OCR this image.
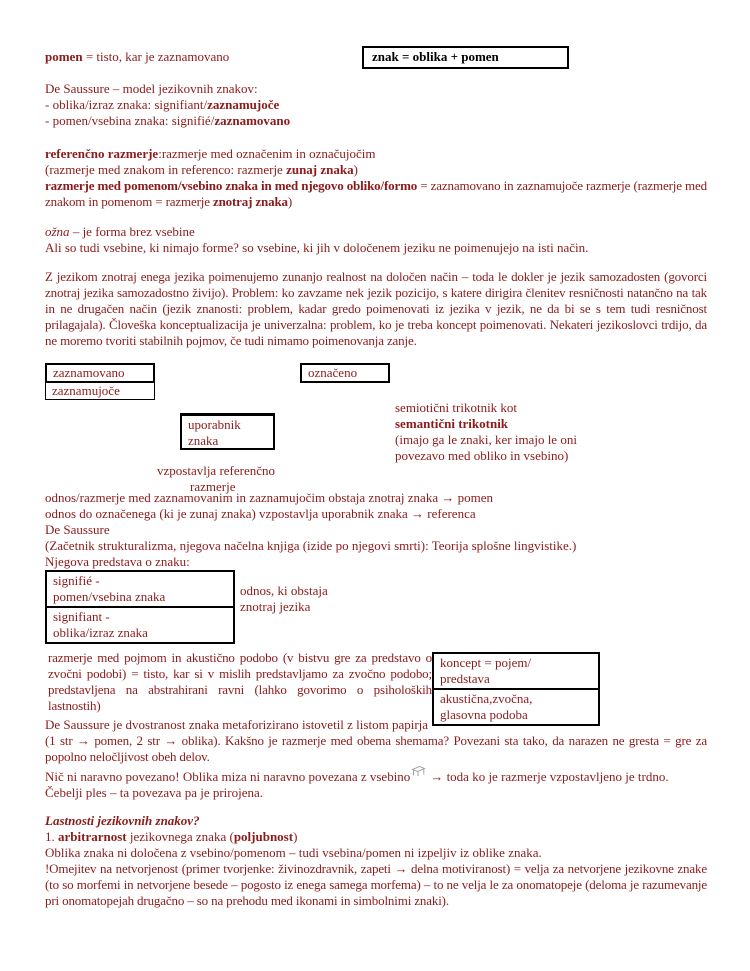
pomen = tisto, kar je zaznamovano	znak = oblika + pomen
De Saussure – model jezikovnih znakov:
- oblika/izraz znaka: signifiant/zaznamujoče
- pomen/vsebina znaka: signifié/zaznamovano
referenčno razmerje:razmerje med označenim in označujočim
(razmerje med znakom in referenco: razmerje zunaj znaka)
razmerje med pomenom/vsebino znaka in med njegovo obliko/formo = zaznamovano in zaznamujoče razmerje (razmerje med znakom in pomenom = razmerje znotraj znaka)
ožna – je forma brez vsebine
Ali so tudi vsebine, ki nimajo forme? so vsebine, ki jih v določenem jeziku ne poimenujejo na isti način.
Z jezikom znotraj enega jezika poimenujemo zunanjo realnost na določen način – toda le dokler je jezik samozadosten (govorci znotraj jezika samozadostno živijo). Problem: ko zavzame nek jezik pozicijo, s katere dirigira členitev resničnosti natančno na tak in ne drugačen način (jezik znanosti: problem, kadar gredo poimenovati iz jezika v jezik, ne da bi se s tem tudi resničnost prilagajala). Človeška konceptualizacija je univerzalna: problem, ko je treba koncept poimenovati. Nekateri jezikoslovci trdijo, da ne moremo tvoriti stabilnih pojmov, če tudi nimamo poimenovanja zanje.
zaznamovano
zaznamujoče
označeno
uporabnik
znaka
semiotični trikotnik kot
semantični trikotnik
(imajo ga le znaki, ker imajo le oni
povezavo med obliko in vsebino)
vzpostavlja referenčno
razmerje
odnos/razmerje med zaznamovanim in zaznamujočim obstaja znotraj znaka → pomen
odnos do označenega (ki je zunaj znaka) vzpostavlja uporabnik znaka → referenca
De Saussure
(Začetnik strukturalizma, njegova načelna knjiga (izide po njegovi smrti): Teorija splošne lingvistike.)
Njegova predstava o znaku:
signifié -
pomen/vsebina znaka
signifiant -
oblika/izraz znaka
odnos, ki obstaja
znotraj jezika
razmerje med pojmom in akustično podobo (v bistvu gre za predstavo o zvočni podobi) = tisto, kar si v mislih predstavljamo za zvočno podobo; predstavljena na abstrahirani ravni (lahko govorimo o psiholoških lastnostih)
koncept = pojem/
predstava
akustična,zvočna,
glasovna podoba
De Saussure je dvostranost znaka metaforizirano istovetil z listom papirja
(1 str → pomen, 2 str → oblika). Kakšno je razmerje med obema shemama? Povezani sta tako, da narazen ne gresta = gre za popolno neločljivost obeh delov.
Nič ni naravno povezano! Oblika miza ni naravno povezana z vsebino → toda ko je razmerje vzpostavljeno je trdno.
Čebelji ples – ta povezava pa je prirojena.
Lastnosti jezikovnih znakov?
1. arbitrarnost jezikovnega znaka (poljubnost)
Oblika znaka ni določena z vsebino/pomenom – tudi vsebina/pomen ni izpeljiv iz oblike znaka.
!Omejitev na netvorjenost (primer tvorjenke: živinozdravnik, zapeti → delna motiviranost) = velja za netvorjene jezikovne znake (to so morfemi in netvorjene besede – pogosto iz enega samega morfema) – to ne velja le za onomatopeje (deloma je razumevanje pri onomatopejah drugačno – so na prehodu med ikonami in simbolnimi znaki).
